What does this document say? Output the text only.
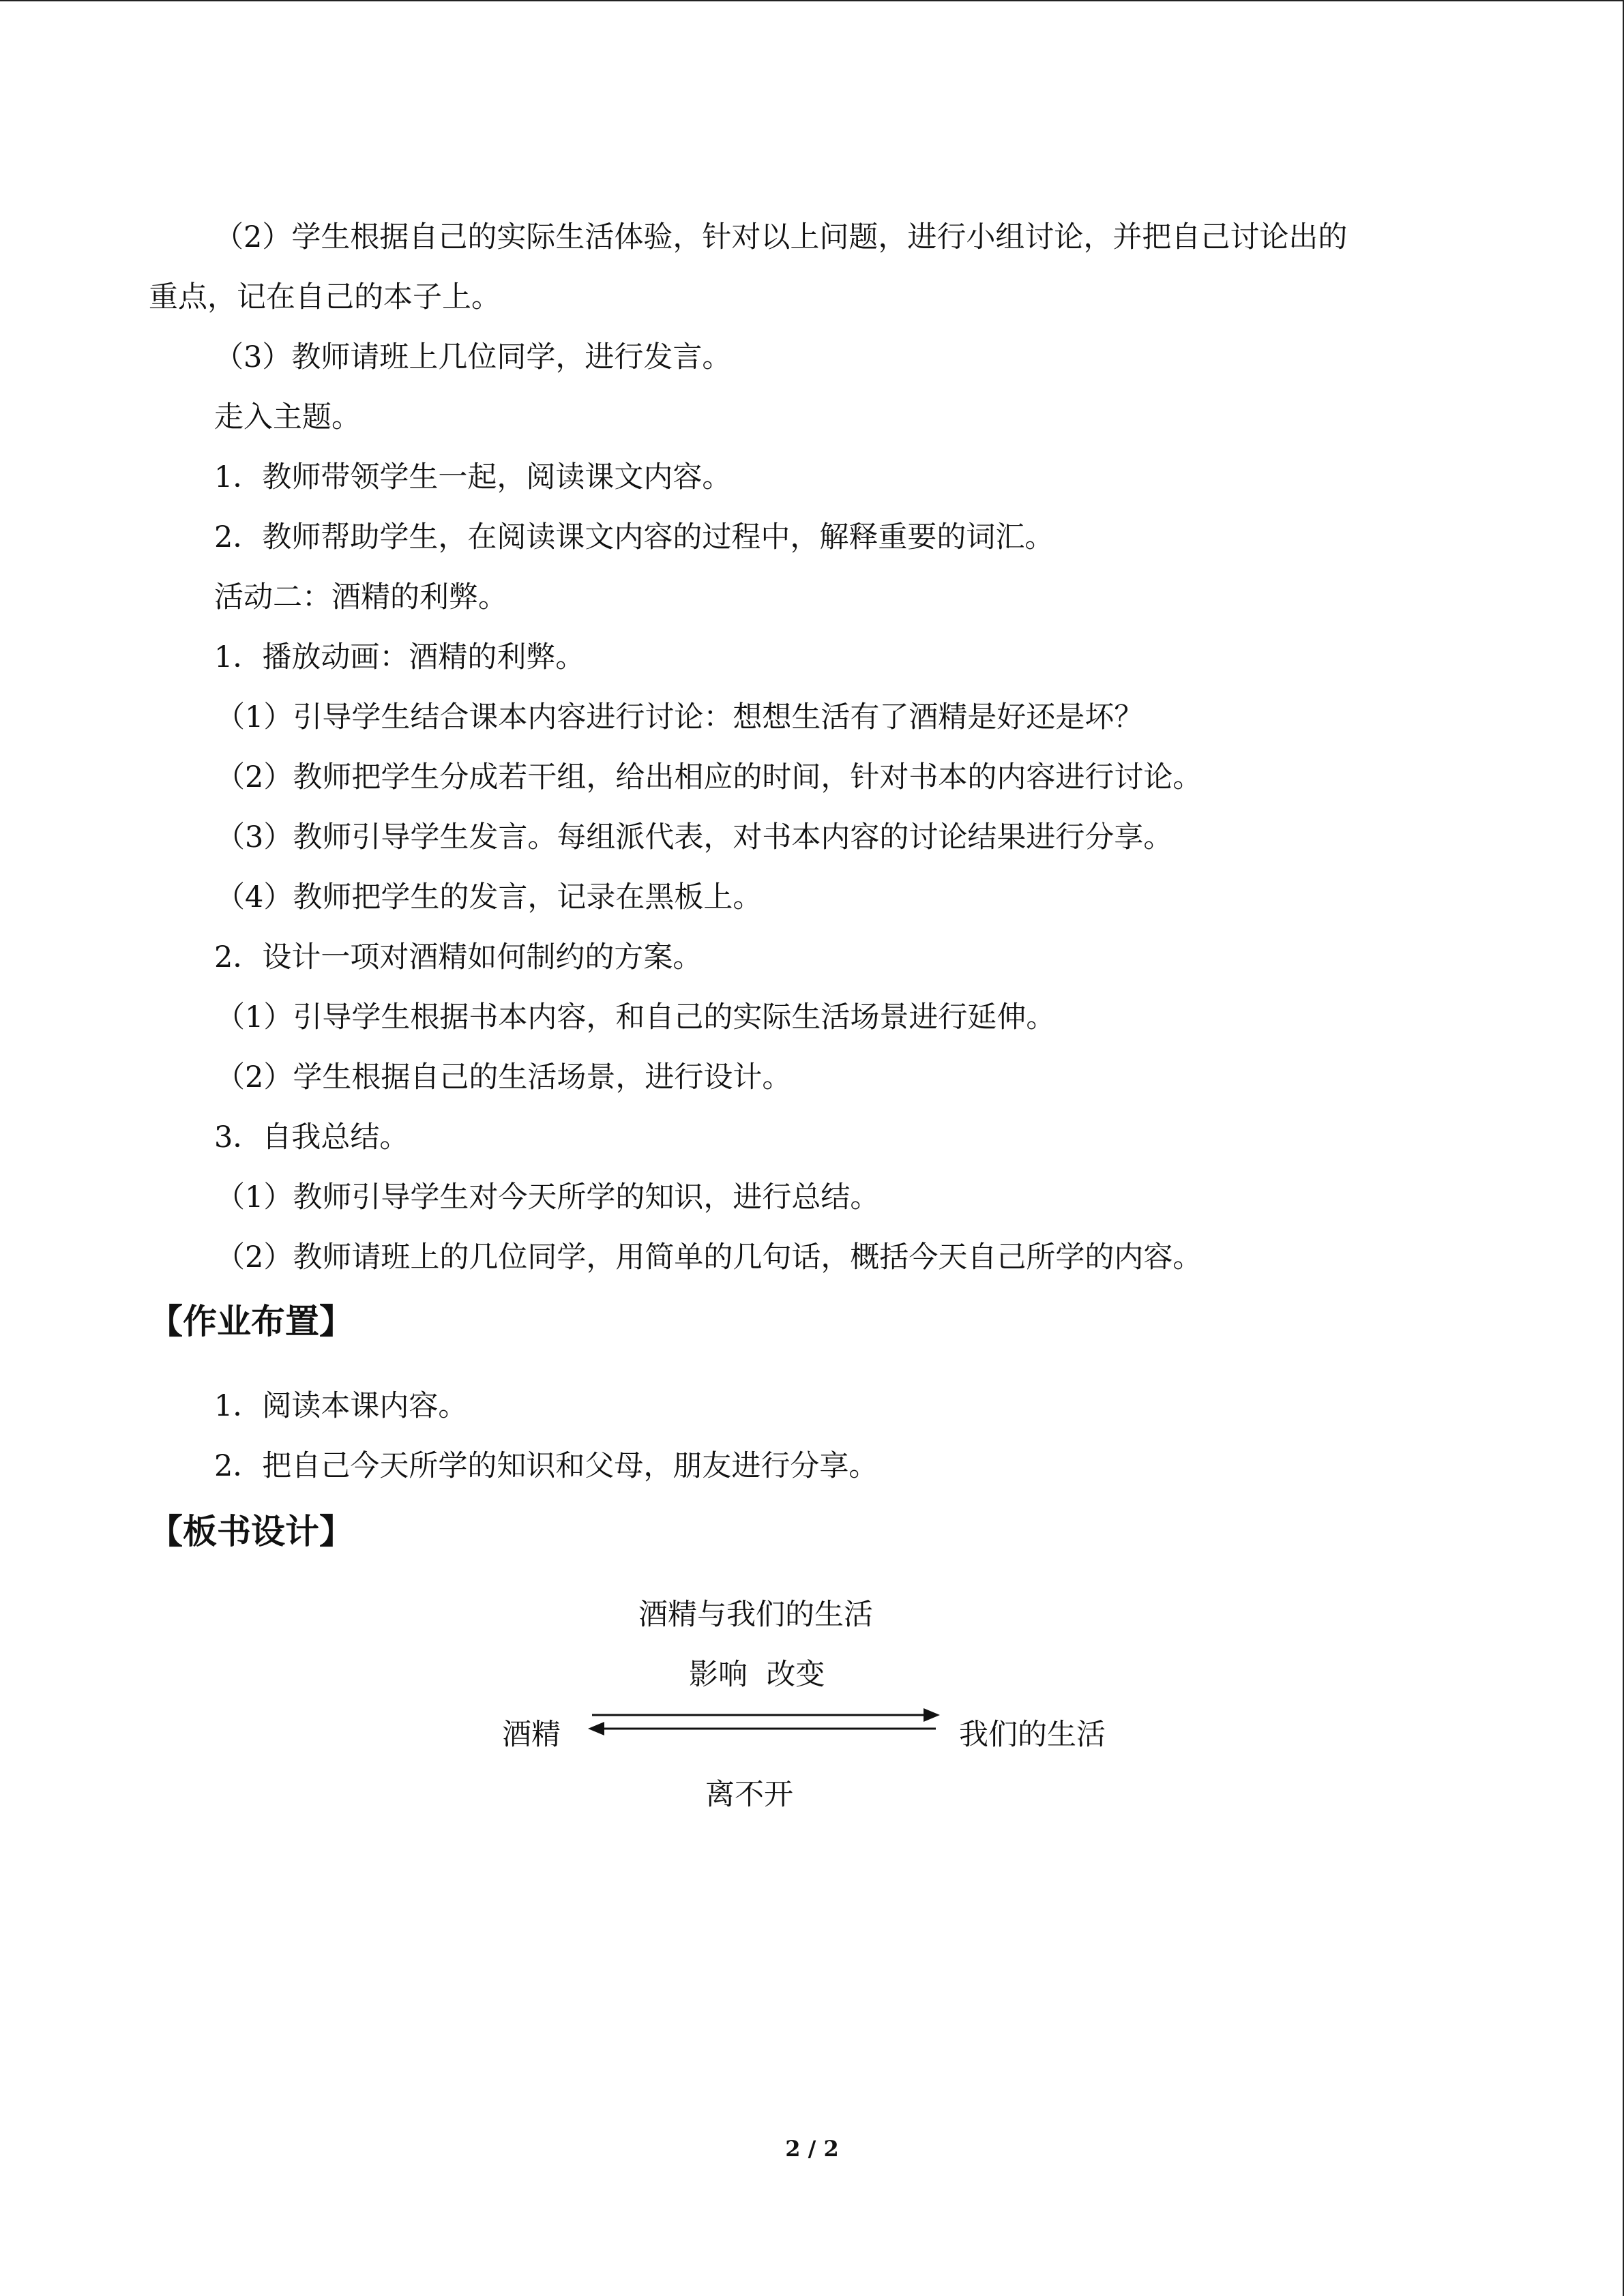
（2）学生根据自己的实际生活体验，针对以上问题，进行小组讨论，并把自己讨论出的
重点，记在自己的本子上。
（3）教师请班上几位同学，进行发言。
走入主题。
1．教师带领学生一起，阅读课文内容。
2．教师帮助学生，在阅读课文内容的过程中，解释重要的词汇。
活动二：酒精的利弊。
1．播放动画：酒精的利弊。
（1）引导学生结合课本内容进行讨论：想想生活有了酒精是好还是坏？
（2）教师把学生分成若干组，给出相应的时间，针对书本的内容进行讨论。
（3）教师引导学生发言。每组派代表，对书本内容的讨论结果进行分享。
（4）教师把学生的发言，记录在黑板上。
2．设计一项对酒精如何制约的方案。
（1）引导学生根据书本内容，和自己的实际生活场景进行延伸。
（2）学生根据自己的生活场景，进行设计。
3．自我总结。
（1）教师引导学生对今天所学的知识，进行总结。
（2）教师请班上的几位同学，用简单的几句话，概括今天自己所学的内容。
【作业布置】
1．阅读本课内容。
2．把自己今天所学的知识和父母，朋友进行分享。
【板书设计】
酒精与我们的生活
影响  改变
酒精	我们的生活
离不开
2 / 2
